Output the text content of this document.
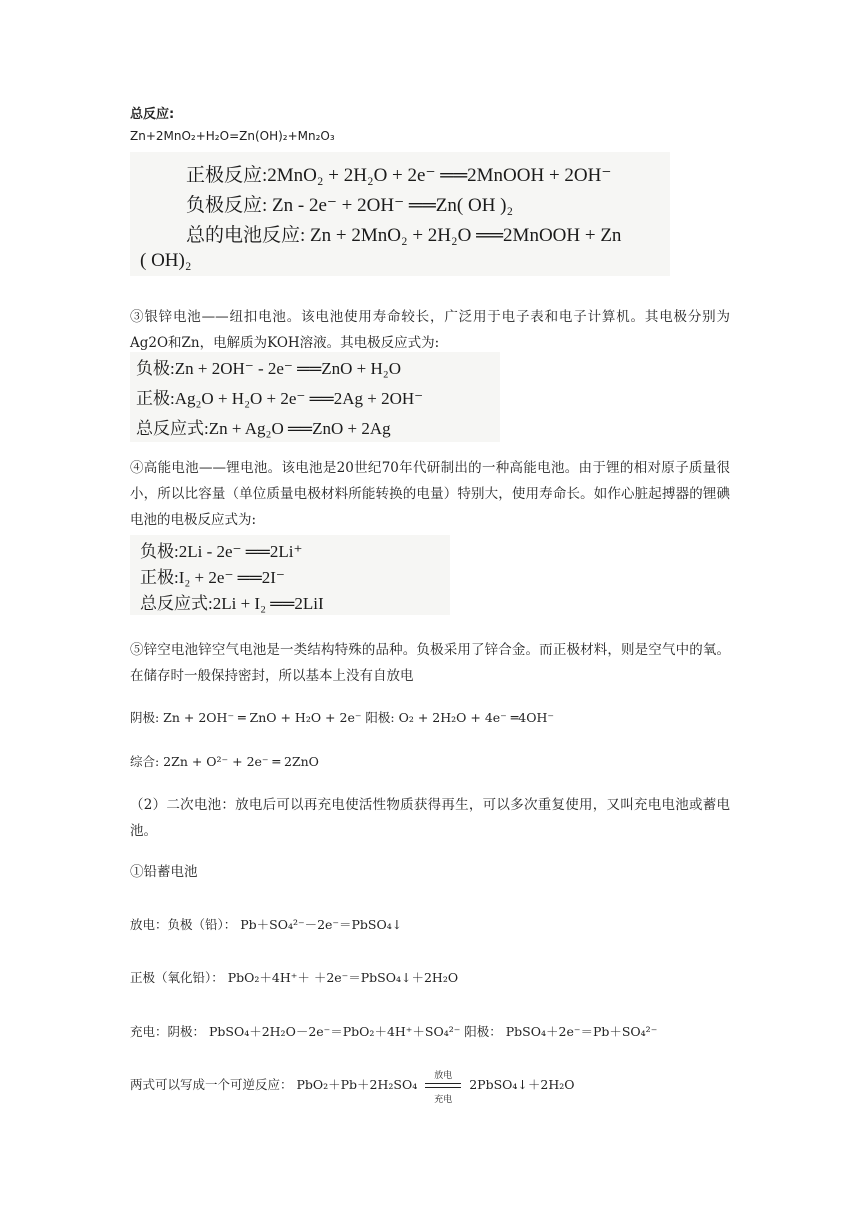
总反应:
Zn+2MnO₂+H₂O=Zn(OH)₂+Mn₂O₃
正极反应:2MnO₂ + 2H₂O + 2e⁻ ══2MnOOH + 2OH⁻
负极反应: Zn - 2e⁻ + 2OH⁻ ══Zn( OH )₂
总的电池反应: Zn + 2MnO₂ + 2H₂O ══2MnOOH + Zn
( OH)₂
③银锌电池——纽扣电池。该电池使用寿命较长，广泛用于电子表和电子计算机。其电极分别为Ag2O和Zn，电解质为KOH溶液。其电极反应式为:
负极:Zn + 2OH⁻ - 2e⁻ ══ZnO + H₂O
正极:Ag₂O + H₂O + 2e⁻ ══2Ag + 2OH⁻
总反应式:Zn + Ag₂O ══ZnO + 2Ag
④高能电池——锂电池。该电池是20世纪70年代研制出的一种高能电池。由于锂的相对原子质量很小，所以比容量（单位质量电极材料所能转换的电量）特别大，使用寿命长。如作心脏起搏器的锂碘电池的电极反应式为:
负极:2Li - 2e⁻ ══2Li⁺
正极:I₂ + 2e⁻ ══2I⁻
总反应式:2Li + I₂ ══2LiI
⑤锌空电池锌空气电池是一类结构特殊的品种。负极采用了锌合金。而正极材料，则是空气中的氧。在储存时一般保持密封，所以基本上没有自放电
阴极: Zn + 2OH⁻ ═ ZnO + H₂O + 2e⁻ 阳极: O₂ + 2H₂O + 4e⁻ ═4OH⁻
综合: 2Zn + O²⁻ + 2e⁻ ═ 2ZnO
（2）二次电池：放电后可以再充电使活性物质获得再生，可以多次重复使用，又叫充电电池或蓄电池。
①铅蓄电池
放电：负极（铅）： Pb＋SO₄²⁻－2e⁻＝PbSO₄↓
正极（氧化铅）： PbO₂＋4H⁺＋ ＋2e⁻＝PbSO₄↓＋2H₂O
充电：阴极： PbSO₄＋2H₂O－2e⁻＝PbO₂＋4H⁺＋SO₄²⁻ 阳极： PbSO₄＋2e⁻＝Pb＋SO₄²⁻
两式可以写成一个可逆反应： PbO₂＋Pb＋2H₂SO₄
放电
充电
2PbSO₄↓＋2H₂O
